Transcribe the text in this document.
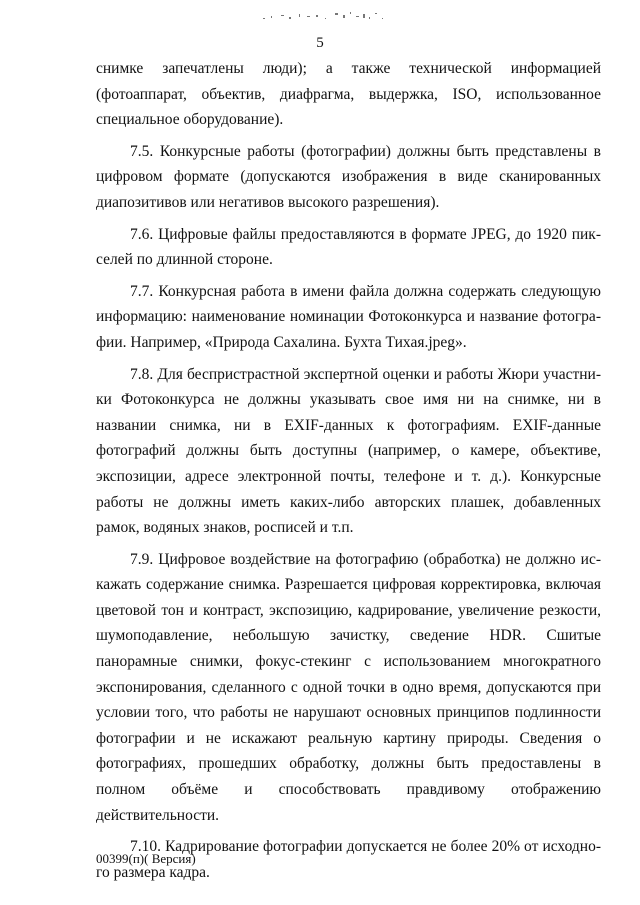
5

снимке запечатлены люди); а также технической информацией (фотоаппарат, объектив, диафрагма, выдержка, ISO, использованное специальное оборудование).

7.5. Конкурсные работы (фотографии) должны быть представлены в цифровом формате (допускаются изображения в виде сканированных диапозитивов или негативов высокого разрешения).

7.6. Цифровые файлы предоставляются в формате JPEG, до 1920 пикселей по длинной стороне.

7.7. Конкурсная работа в имени файла должна содержать следующую информацию: наименование номинации Фотоконкурса и название фотографии. Например, «Природа Сахалина. Бухта Тихая.jpeg».

7.8. Для беспристрастной экспертной оценки и работы Жюри участники Фотоконкурса не должны указывать свое имя ни на снимке, ни в названии снимка, ни в EXIF-данных к фотографиям. EXIF-данные фотографий должны быть доступны (например, о камере, объективе, экспозиции, адресе электронной почты, телефоне и т. д.). Конкурсные работы не должны иметь каких-либо авторских плашек, добавленных рамок, водяных знаков, росписей и т.п.

7.9. Цифровое воздействие на фотографию (обработка) не должно искажать содержание снимка. Разрешается цифровая корректировка, включая цветовой тон и контраст, экспозицию, кадрирование, увеличение резкости, шумоподавление, небольшую зачистку, сведение HDR. Сшитые панорамные снимки, фокус-стекинг с использованием многократного экспонирования, сделанного с одной точки в одно время, допускаются при условии того, что работы не нарушают основных принципов подлинности фотографии и не искажают реальную картину природы. Сведения о фотографиях, прошедших обработку, должны быть предоставлены в полном объёме и способствовать правдивому отображению действительности.

7.10. Кадрирование фотографии допускается не более 20% от исходного размера кадра.

00399(п)( Версия)
